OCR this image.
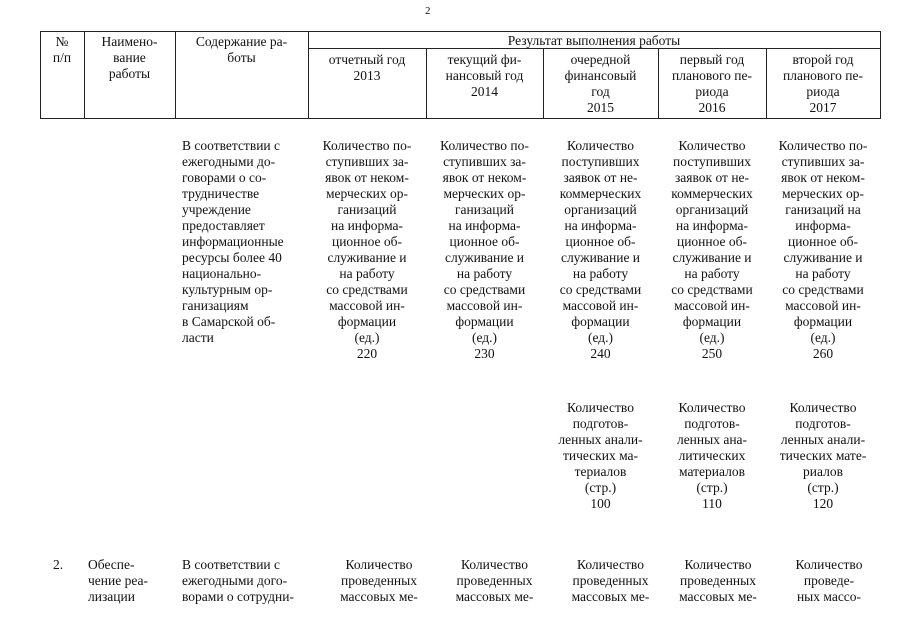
2
№
п/п
Наимено-
вание
работы
Содержание ра-
боты
Результат выполнения работы
отчетный год
2013
текущий фи-
нансовый год
2014
очередной
финансовый
год
2015
первый год
планового пе-
риода
2016
второй год
планового пе-
риода
2017
В соответствии с
ежегодными до-
говорами о со-
трудничестве
учреждение
предоставляет
информационные
ресурсы более 40
национально-
культурным ор-
ганизациям
в Самарской об-
ласти
Количество по-
ступивших за-
явок от неком-
мерческих ор-
ганизаций
на информа-
ционное об-
служивание и
на работу
со средствами
массовой ин-
формации
(ед.)
220
Количество по-
ступивших за-
явок от неком-
мерческих ор-
ганизаций
на информа-
ционное об-
служивание и
на работу
со средствами
массовой ин-
формации
(ед.)
230
Количество
поступивших
заявок от не-
коммерческих
организаций
на информа-
ционное об-
служивание и
на работу
со средствами
массовой ин-
формации
(ед.)
240
Количество
поступивших
заявок от не-
коммерческих
организаций
на информа-
ционное об-
служивание и
на работу
со средствами
массовой ин-
формации
(ед.)
250
Количество по-
ступивших за-
явок от неком-
мерческих ор-
ганизаций на
информа-
ционное об-
служивание и
на работу
со средствами
массовой ин-
формации
(ед.)
260
Количество
подготов-
ленных анали-
тических ма-
териалов
(стр.)
100
Количество
подготов-
ленных ана-
литических
материалов
(стр.)
110
Количество
подготов-
ленных анали-
тических мате-
риалов
(стр.)
120
2.	Обеспе-
чение реа-
лизации
В соответствии с
ежегодными дого-
ворами о сотрудни-
Количество
проведенных
массовых ме-
Количество
проведенных
массовых ме-
Количество
проведенных
массовых ме-
Количество
проведенных
массовых ме-
Количество
проведе-
ных массо-
